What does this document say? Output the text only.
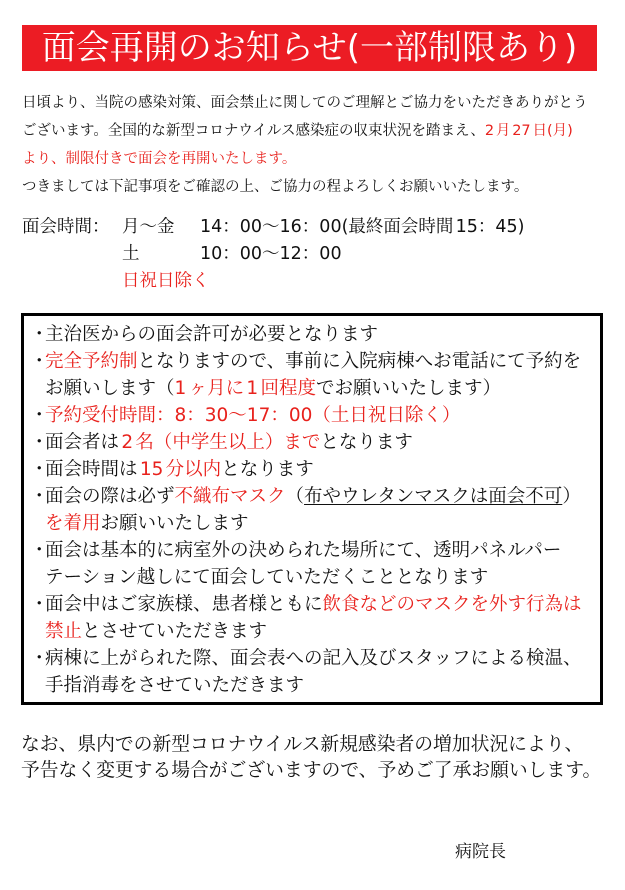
面会再開のお知らせ(一部制限あり)
日頃より、当院の感染対策、面会禁止に関してのご理解とご協力をいただきありがとう
ございます。全国的な新型コロナウイルス感染症の収束状況を踏まえ、2月27日(月)
より、制限付きで面会を再開いたします。
つきましては下記事項をご確認の上、ご協力の程よろしくお願いいたします。
面会時間： 月～金 14：00～16：00(最終面会時間15：45)
土	10：00～12：00
日祝日除く
・主治医からの面会許可が必要となります
・完全予約制となりますので、事前に入院病棟へお電話にて予約を
お願いします（1ヶ月に1回程度でお願いいたします）
・予約受付時間：8：30～17：00（土日祝日除く）
・面会者は2名（中学生以上）までとなります
・面会時間は15分以内となります
・面会の際は必ず不織布マスク（布やウレタンマスクは面会不可）
を着用お願いいたします
・面会は基本的に病室外の決められた場所にて、透明パネルパー
テーション越しにて面会していただくこととなります
・面会中はご家族様、患者様ともに飲食などのマスクを外す行為は
禁止とさせていただきます
・病棟に上がられた際、面会表への記入及びスタッフによる検温、
手指消毒をさせていただきます
なお、県内での新型コロナウイルス新規感染者の増加状況により、
予告なく変更する場合がございますので、予めご了承お願いします。
病院長
